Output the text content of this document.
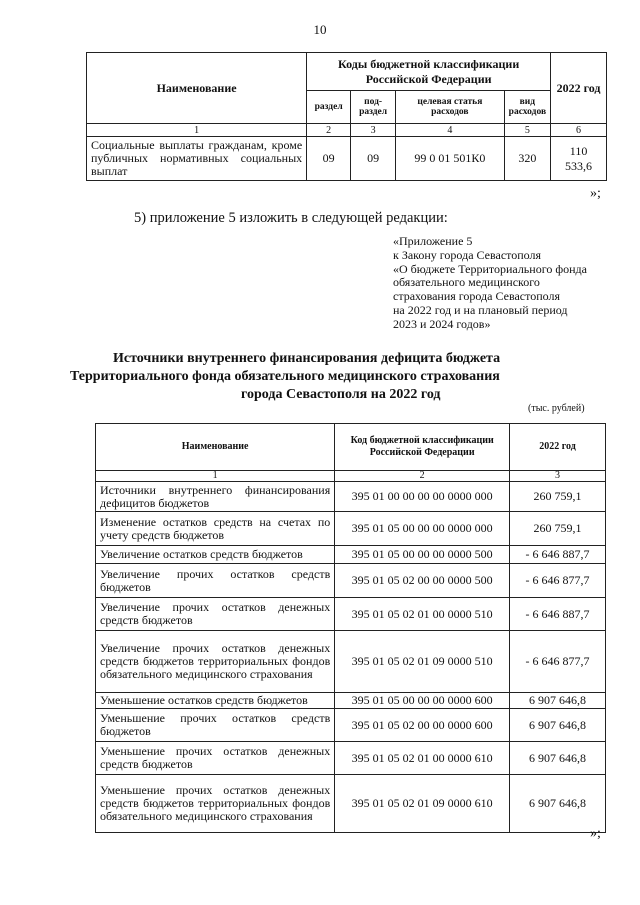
10
Наименование	Коды бюджетной классификации Российской Федерации				2022 год
	раздел	под-раздел	целевая статья расходов	вид расходов	
1	2	3	4	5	6
Социальные выплаты гражданам, кроме публичных нормативных социальных выплат	09	09	99 0 01 501К0	320	110 533,6
»;
5) приложение 5 изложить в следующей редакции:
«Приложение 5
к Закону города Севастополя
«О бюджете Территориального фонда
обязательного медицинского
страхования города Севастополя
на 2022 год и на плановый период
2023 и 2024 годов»
Источники внутреннего финансирования дефицита бюджета
Территориального фонда обязательного медицинского страхования
города Севастополя на 2022 год
(тыс. рублей)
Наименование	Код бюджетной классификации Российской Федерации	2022 год
1	2	3
Источники внутреннего финансирования дефицитов бюджетов	395 01 00 00 00 00 0000 000	260 759,1
Изменение остатков средств на счетах по учету средств бюджетов	395 01 05 00 00 00 0000 000	260 759,1
Увеличение остатков средств бюджетов	395 01 05 00 00 00 0000 500	- 6 646 887,7
Увеличение прочих остатков средств бюджетов	395 01 05 02 00 00 0000 500	- 6 646 877,7
Увеличение прочих остатков денежных средств бюджетов	395 01 05 02 01 00 0000 510	- 6 646 887,7
Увеличение прочих остатков денежных средств бюджетов территориальных фондов обязательного медицинского страхования	395 01 05 02 01 09 0000 510	- 6 646 877,7
Уменьшение остатков средств бюджетов	395 01 05 00 00 00 0000 600	6 907 646,8
Уменьшение прочих остатков средств бюджетов	395 01 05 02 00 00 0000 600	6 907 646,8
Уменьшение прочих остатков денежных средств бюджетов	395 01 05 02 01 00 0000 610	6 907 646,8
Уменьшение прочих остатков денежных средств бюджетов территориальных фондов обязательного медицинского страхования	395 01 05 02 01 09 0000 610	6 907 646,8
»;
